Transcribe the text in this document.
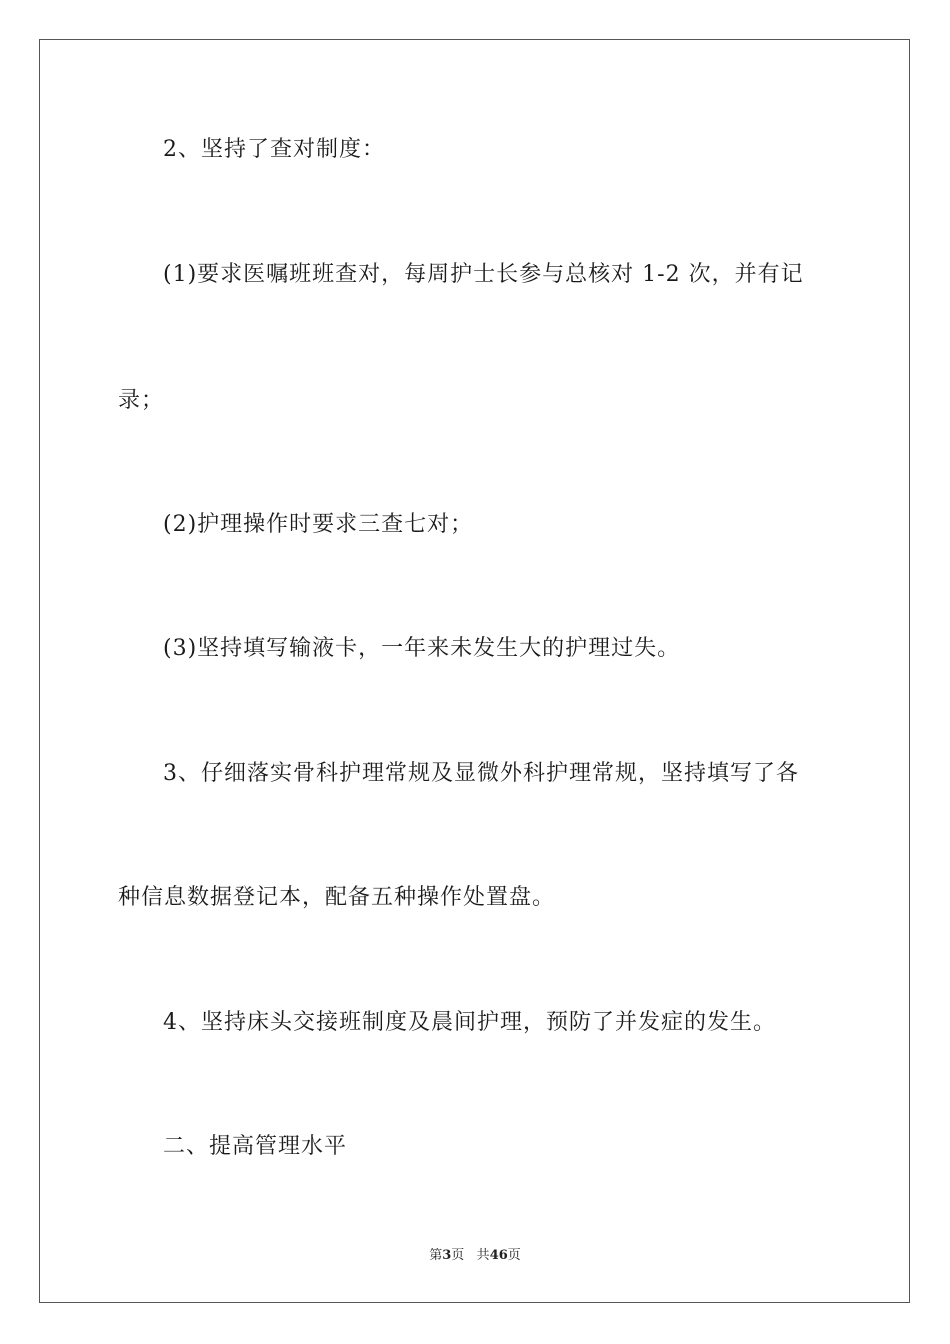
2、坚持了查对制度：
(1)要求医嘱班班查对，每周护士长参与总核对 1-2 次，并有记
录；
(2)护理操作时要求三查七对；
(3)坚持填写输液卡，一年来未发生大的护理过失。
3、仔细落实骨科护理常规及显微外科护理常规，坚持填写了各
种信息数据登记本，配备五种操作处置盘。
4、坚持床头交接班制度及晨间护理，预防了并发症的发生。
二、提高管理水平
第3页 共46页
